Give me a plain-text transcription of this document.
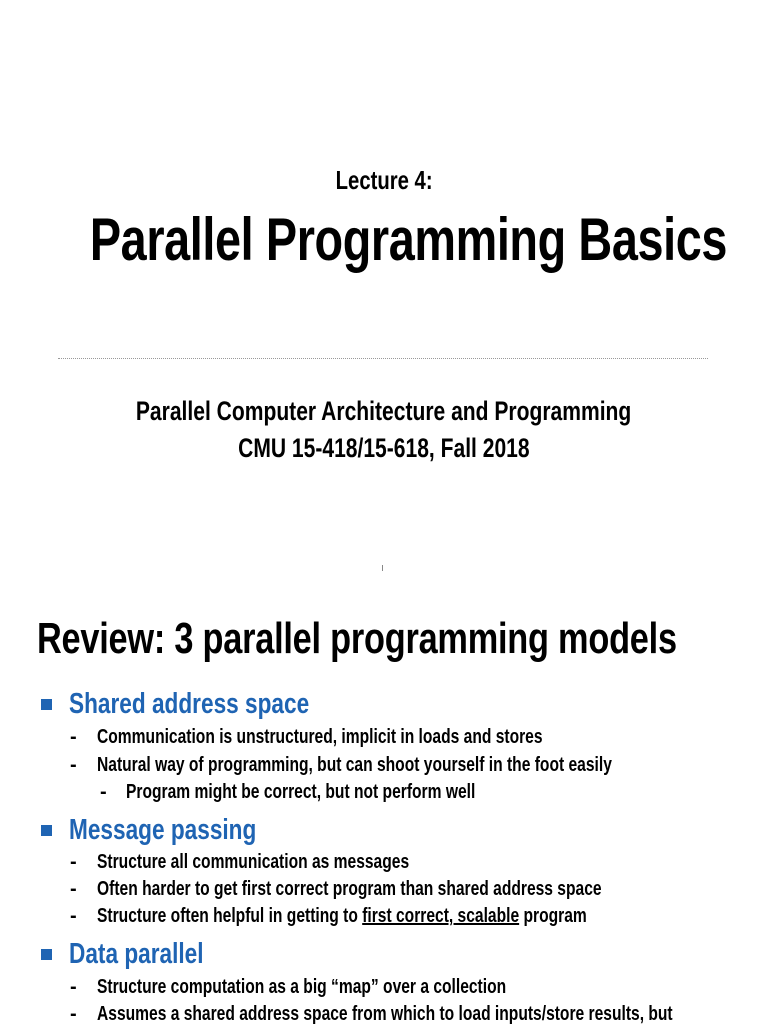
Lecture 4:
Parallel Programming Basics
Parallel Computer Architecture and Programming
CMU 15-418/15-618, Fall 2018
Review: 3 parallel programming models
Shared address space
- Communication is unstructured, implicit in loads and stores
- Natural way of programming, but can shoot yourself in the foot easily
- Program might be correct, but not perform well
Message passing
- Structure all communication as messages
- Often harder to get first correct program than shared address space
- Structure often helpful in getting to first correct, scalable program
Data parallel
- Structure computation as a big “map” over a collection
- Assumes a shared address space from which to load inputs/store results, but
